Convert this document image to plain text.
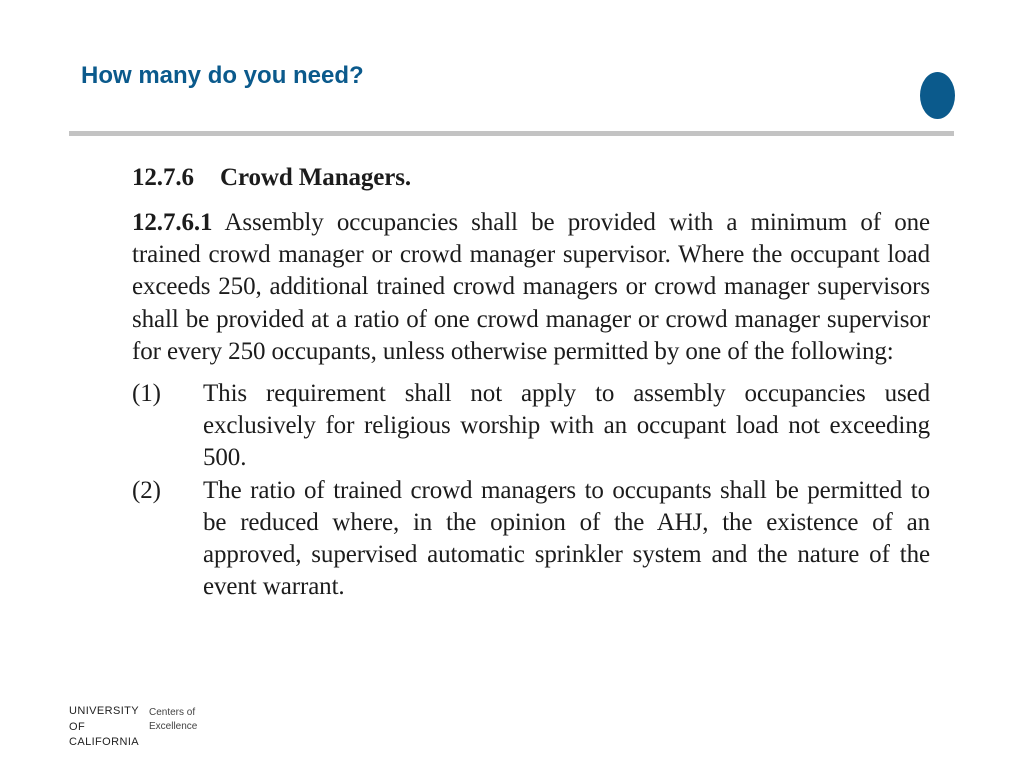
How many do you need?
12.7.6 Crowd Managers.

12.7.6.1 Assembly occupancies shall be provided with a minimum of one trained crowd manager or crowd manager supervisor. Where the occupant load exceeds 250, additional trained crowd managers or crowd manager supervisors shall be provided at a ratio of one crowd manager or crowd manager supervisor for every 250 occupants, unless otherwise permitted by one of the following:

(1) This requirement shall not apply to assembly occupancies used exclusively for religious worship with an occupant load not exceeding 500.
(2) The ratio of trained crowd managers to occupants shall be permitted to be reduced where, in the opinion of the AHJ, the existence of an approved, supervised automatic sprinkler system and the nature of the event warrant.
UNIVERSITY
OF
CALIFORNIA
Centers of
Excellence
